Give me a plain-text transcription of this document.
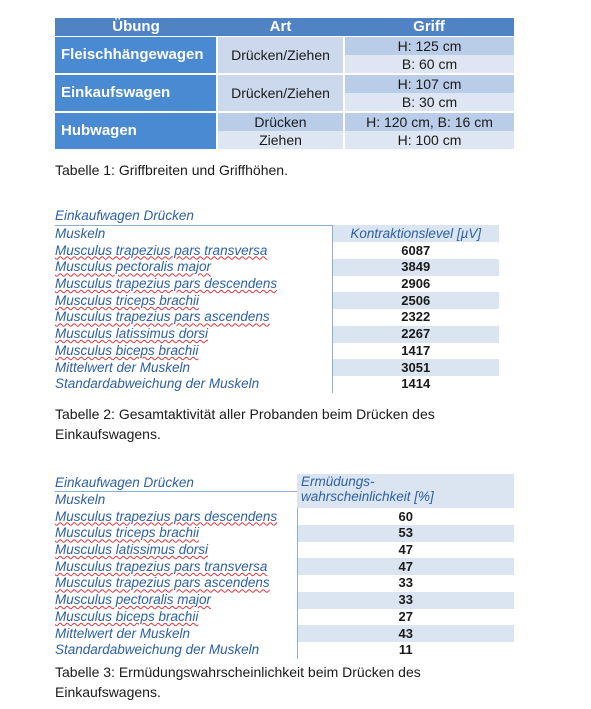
Übung	Art	Griff
Fleischhängewagen	Drücken/Ziehen	H: 125 cm
		B: 60 cm
Einkaufswagen	Drücken/Ziehen	H: 107 cm
		B: 30 cm
Hubwagen	Drücken	H: 120 cm, B: 16 cm
	Ziehen	H: 100 cm
Tabelle 1: Griffbreiten und Griffhöhen.
Einkaufwagen Drücken	
Muskeln	Kontraktionslevel [µV]
Musculus trapezius pars transversa	6087
Musculus pectoralis major	3849
Musculus trapezius pars descendens	2906
Musculus triceps brachii	2506
Musculus trapezius pars ascendens	2322
Musculus latissimus dorsi	2267
Musculus biceps brachii	1417
Mittelwert der Muskeln	3051
Standardabweichung der Muskeln	1414
Tabelle 2: Gesamtaktivität aller Probanden beim Drücken des
Einkaufswagens.
Einkaufwagen Drücken	Ermüdungs-
wahrscheinlichkeit [%]

Muskeln	
Musculus trapezius pars descendens	60
Musculus triceps brachii	53
Musculus latissimus dorsi	47
Musculus trapezius pars transversa	47
Musculus trapezius pars ascendens	33
Musculus pectoralis major	33
Musculus biceps brachii	27
Mittelwert der Muskeln	43
Standardabweichung der Muskeln	11
Tabelle 3: Ermüdungswahrscheinlichkeit beim Drücken des
Einkaufswagens.
